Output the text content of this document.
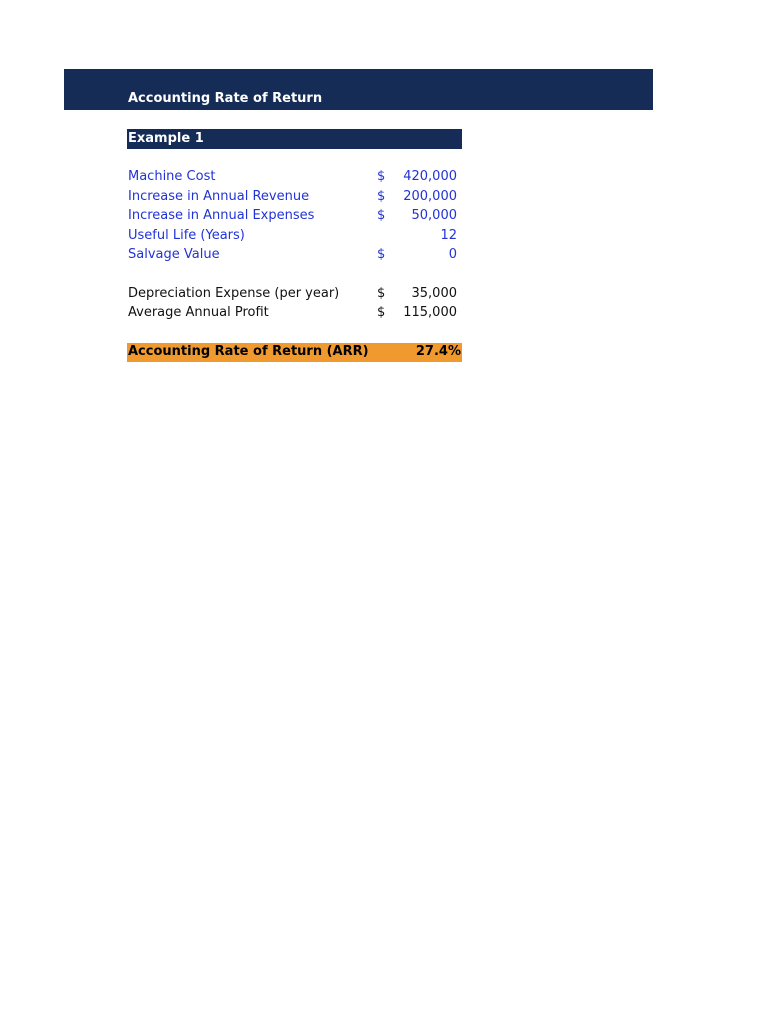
Accounting Rate of Return
Example 1
Machine Cost	$ 420,000
Increase in Annual Revenue	$ 200,000
Increase in Annual Expenses	$ 50,000
Useful Life (Years)	12
Salvage Value	$	0
Depreciation Expense (per year)	$ 35,000
Average Annual Profit	$ 115,000
Accounting Rate of Return (ARR)	27.4%
